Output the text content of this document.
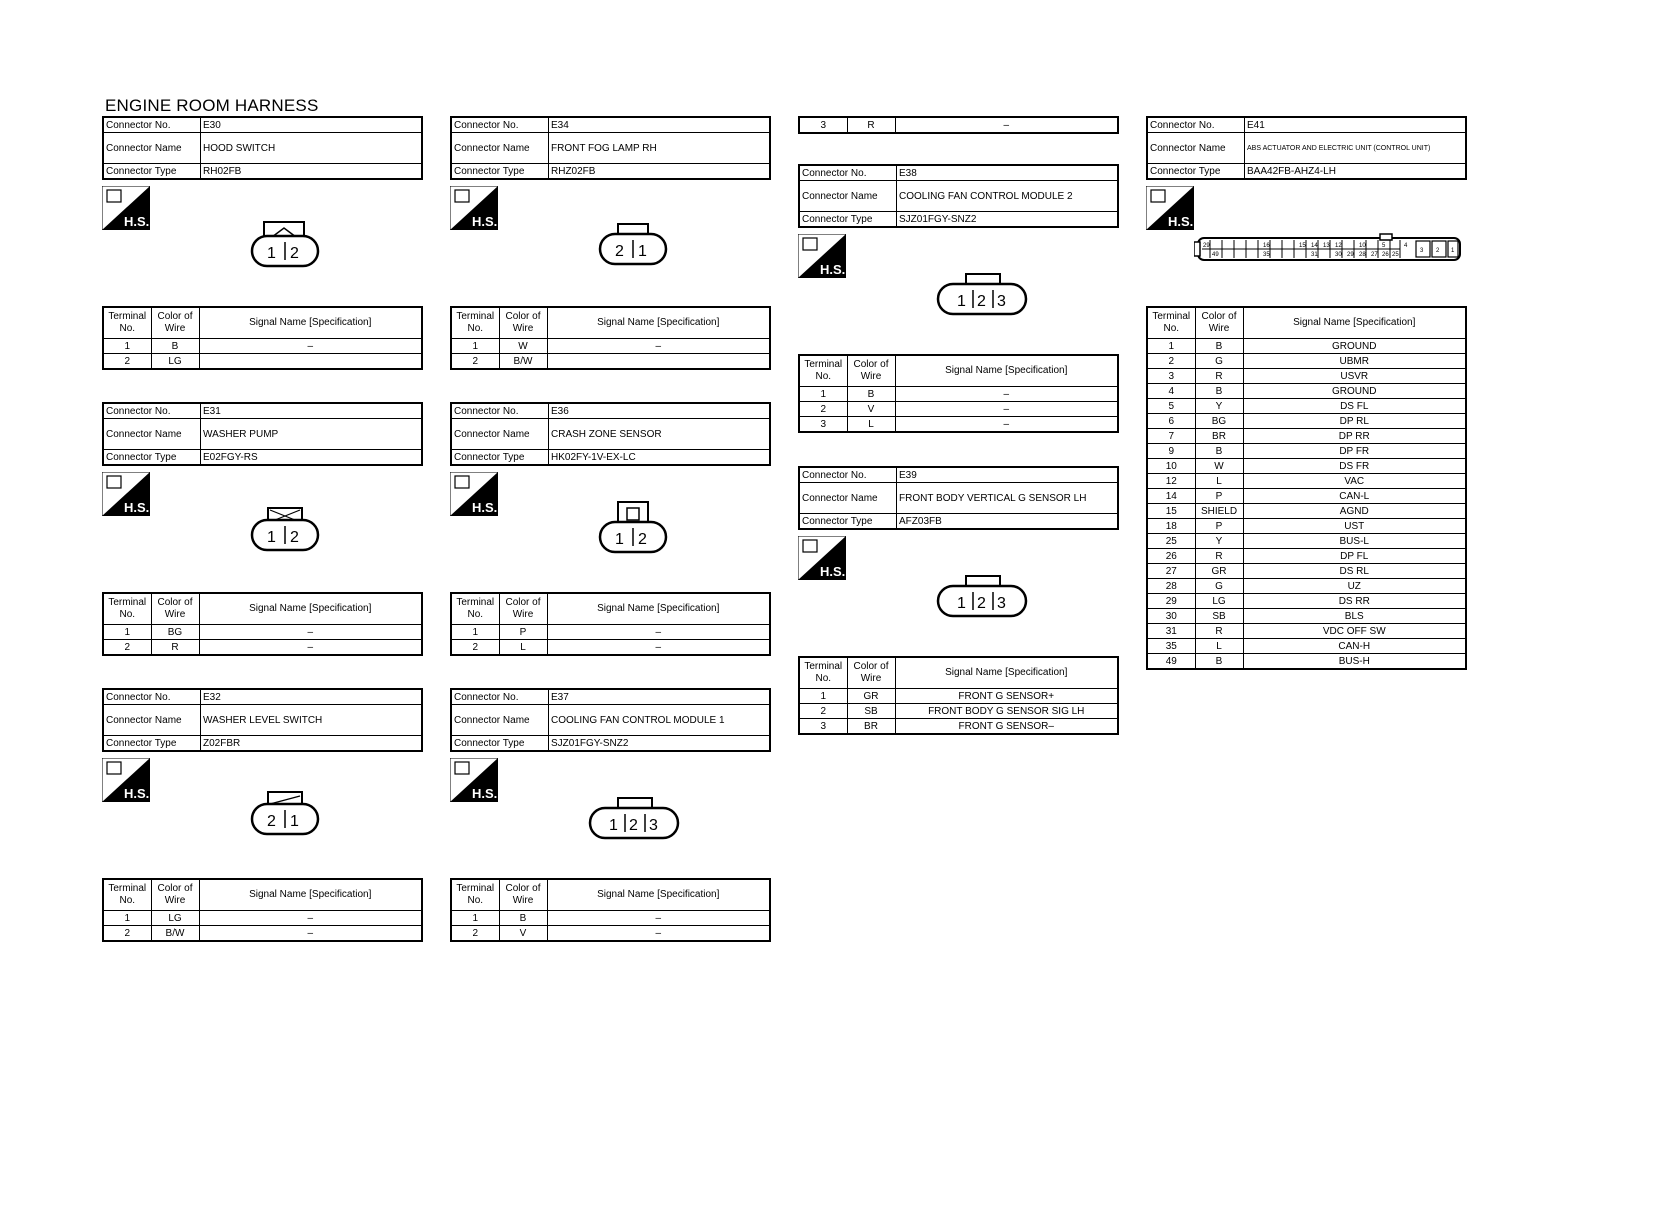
ENGINE ROOM HARNESS
Connector No.	E30
Connector Name	HOOD SWITCH
Connector Type	RH02FB
H.S.
1 2
Terminal No.	Color of Wire	Signal Name [Specification]
1	B	–
2	LG	
Connector No.	E31
Connector Name	WASHER PUMP
Connector Type	E02FGY-RS
H.S.
1 2
Terminal No.	Color of Wire	Signal Name [Specification]
1	BG	–
2	R	–
Connector No.	E32
Connector Name	WASHER LEVEL SWITCH
Connector Type	Z02FBR
H.S.
2 1
Terminal No.	Color of Wire	Signal Name [Specification]
1	LG	–
2	B/W	–
Connector No.	E34
Connector Name	FRONT FOG LAMP RH
Connector Type	RHZ02FB
H.S.
2 1
Terminal No.	Color of Wire	Signal Name [Specification]
1	W	–
2	B/W	
Connector No.	E36
Connector Name	CRASH ZONE SENSOR
Connector Type	HK02FY-1V-EX-LC
H.S.
1 2
Terminal No.	Color of Wire	Signal Name [Specification]
1	P	–
2	L	–
Connector No.	E37
Connector Name	COOLING FAN CONTROL MODULE 1
Connector Type	SJZ01FGY-SNZ2
H.S.
1 2 3
Terminal No.	Color of Wire	Signal Name [Specification]
1	B	–
2	V	–
3	R	–
Connector No.	E38
Connector Name	COOLING FAN CONTROL MODULE 2
Connector Type	SJZ01FGY-SNZ2
H.S.
1 2 3
Terminal No.	Color of Wire	Signal Name [Specification]
1	B	–
2	V	–
3	L	–
Connector No.	E39
Connector Name	FRONT BODY VERTICAL G SENSOR LH
Connector Type	AFZ03FB
H.S.
1 2 3
Terminal No.	Color of Wire	Signal Name [Specification]
1	GR	FRONT G SENSOR+
2	SB	FRONT BODY G SENSOR SIG LH
3	BR	FRONT G SENSOR–
Connector No.	E41
Connector Name	ABS ACTUATOR AND ELECTRIC UNIT (CONTROL UNIT)
Connector Type	BAA42FB-AHZ4-LH
H.S.
29	16	15 14 13 12	10	5	4
3 2 1
49	35	31	30 29 28 27 26 25
Terminal No.	Color of Wire	Signal Name [Specification]
1	B	GROUND
2	G	UBMR
3	R	USVR
4	B	GROUND
5	Y	DS FL
6	BG	DP RL
7	BR	DP RR
9	B	DP FR
10	W	DS FR
12	L	VAC
14	P	CAN-L
15	SHIELD	AGND
18	P	UST
25	Y	BUS-L
26	R	DP FL
27	GR	DS RL
28	G	UZ
29	LG	DS RR
30	SB	BLS
31	R	VDC OFF SW
35	L	CAN-H
49	B	BUS-H
